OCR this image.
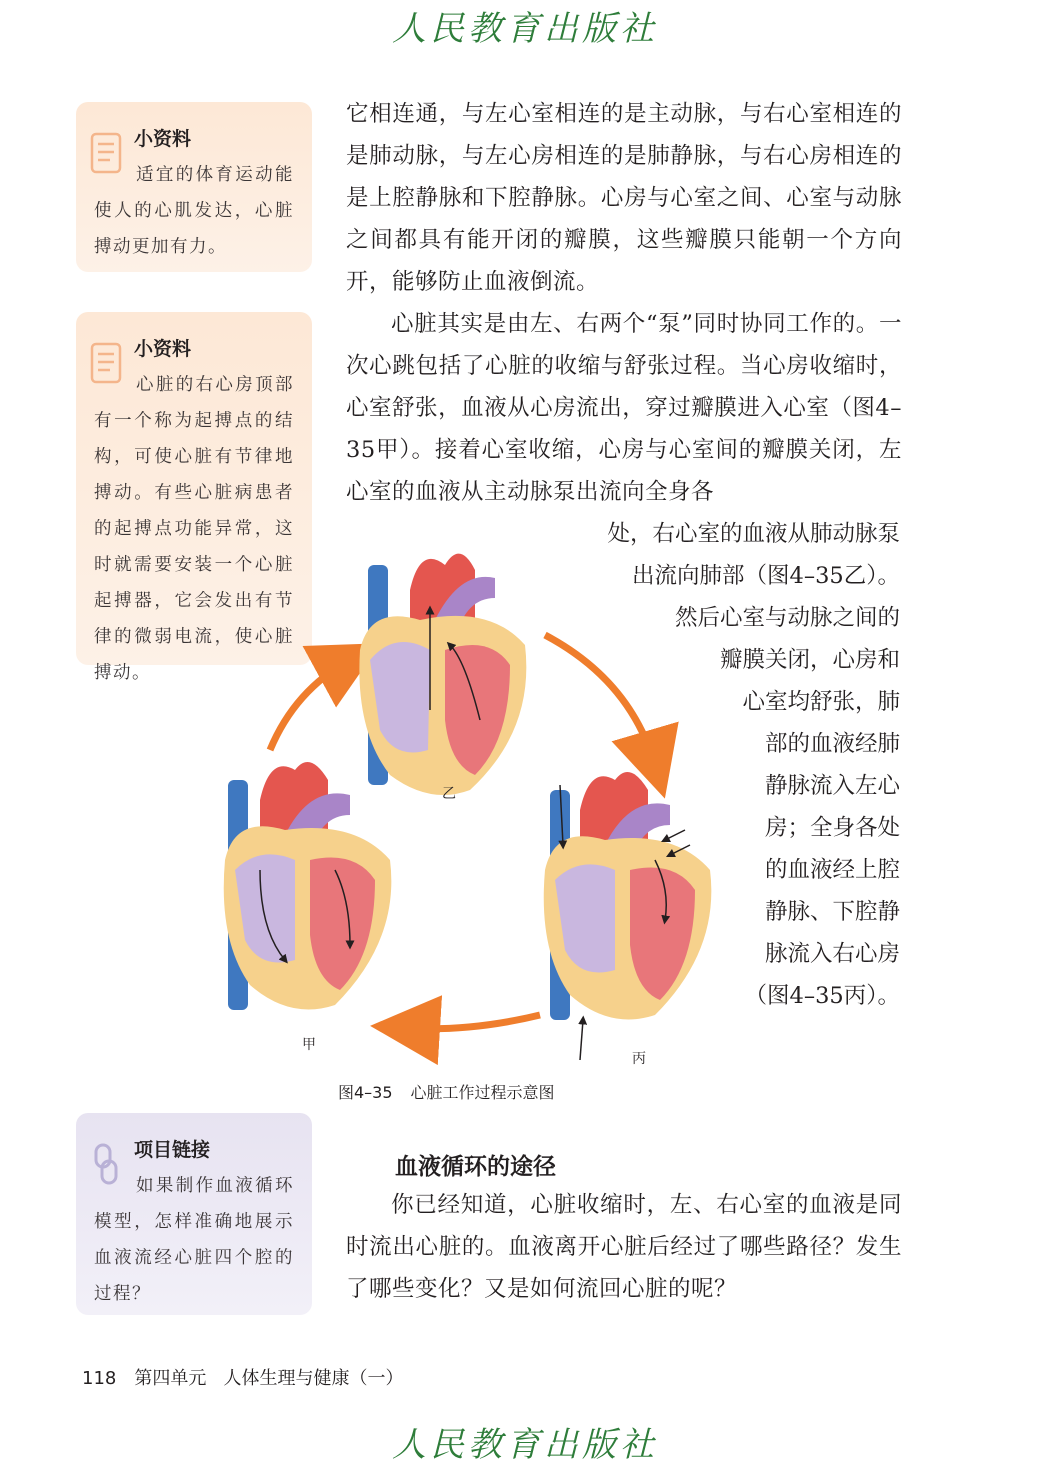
人民教育出版社
小资料
适宜的体育运动能使人的心肌发达，心脏搏动更加有力。
小资料
心脏的右心房顶部有一个称为起搏点的结构，可使心脏有节律地搏动。有些心脏病患者的起搏点功能异常，这时就需要安装一个心脏起搏器，它会发出有节律的微弱电流，使心脏搏动。
它相连通，与左心室相连的是主动脉，与右心室相连的是肺动脉，与左心房相连的是肺静脉，与右心房相连的是上腔静脉和下腔静脉。心房与心室之间、心室与动脉之间都具有能开闭的瓣膜，这些瓣膜只能朝一个方向开，能够防止血液倒流。
心脏其实是由左、右两个“泵”同时协同工作的。一次心跳包括了心脏的收缩与舒张过程。当心房收缩时，心室舒张，血液从心房流出，穿过瓣膜进入心室（图4–35甲）。接着心室收缩，心房与心室间的瓣膜关闭，左心室的血液从主动脉泵出流向全身各
处，右心室的血液从肺动脉泵
出流向肺部（图4–35乙）。
然后心室与动脉之间的
瓣膜关闭，心房和
心室均舒张，肺
部的血液经肺
静脉流入左心
房；全身各处
的血液经上腔
静脉、下腔静
脉流入右心房
（图4–35丙）。
乙
甲
丙
图4–35 心脏工作过程示意图
项目链接
如果制作血液循环模型，怎样准确地展示血液流经心脏四个腔的过程？
血液循环的途径
你已经知道，心脏收缩时，左、右心室的血液是同时流出心脏的。血液离开心脏后经过了哪些路径？发生了哪些变化？又是如何流回心脏的呢？
118 第四单元 人体生理与健康（一）
人民教育出版社
